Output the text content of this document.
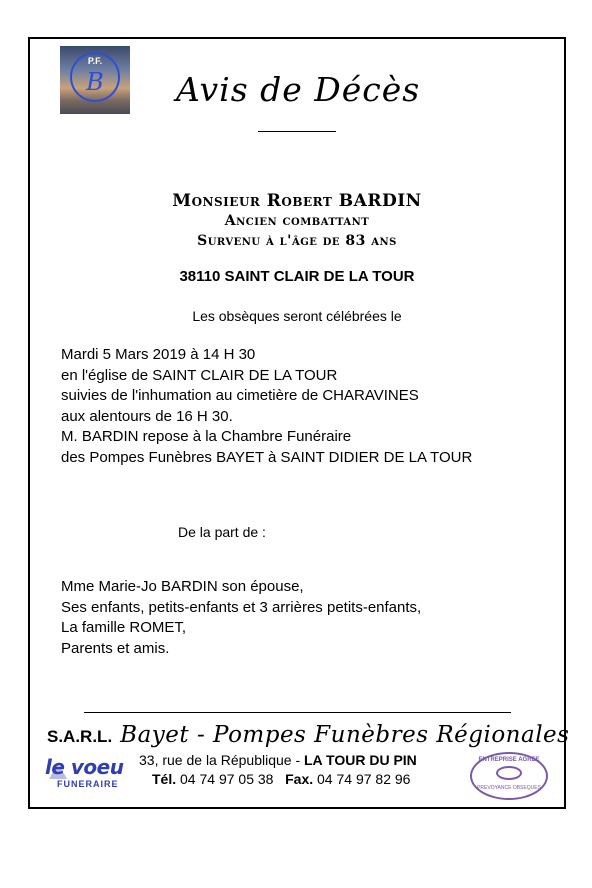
P.F.
B	Avis de Décès
Monsieur Robert BARDIN
Ancien combattant
Survenu à l'âge de 83 ans
38110 SAINT CLAIR DE LA TOUR
Les obsèques seront célébrées le
Mardi 5 Mars 2019 à 14 H 30
en l'église de SAINT CLAIR DE LA TOUR
suivies de l'inhumation au cimetière de CHARAVINES
aux alentours de 16 H 30.
M. BARDIN repose à la Chambre Funéraire
des Pompes Funèbres BAYET à SAINT DIDIER DE LA TOUR
De la part de :
Mme Marie-Jo BARDIN son épouse,
Ses enfants, petits-enfants et 3 arrières petits-enfants,
La famille ROMET,
Parents et amis.
S.A.R.L. Bayet - Pompes Funèbres Régionales
33, rue de la République - LA TOUR DU PIN
Tél. 04 74 97 05 38 Fax. 04 74 97 82 96
le voeu
FUNERAIRE
ENTREPRISE AGREE
PREVOYANCE OBSEQUES
